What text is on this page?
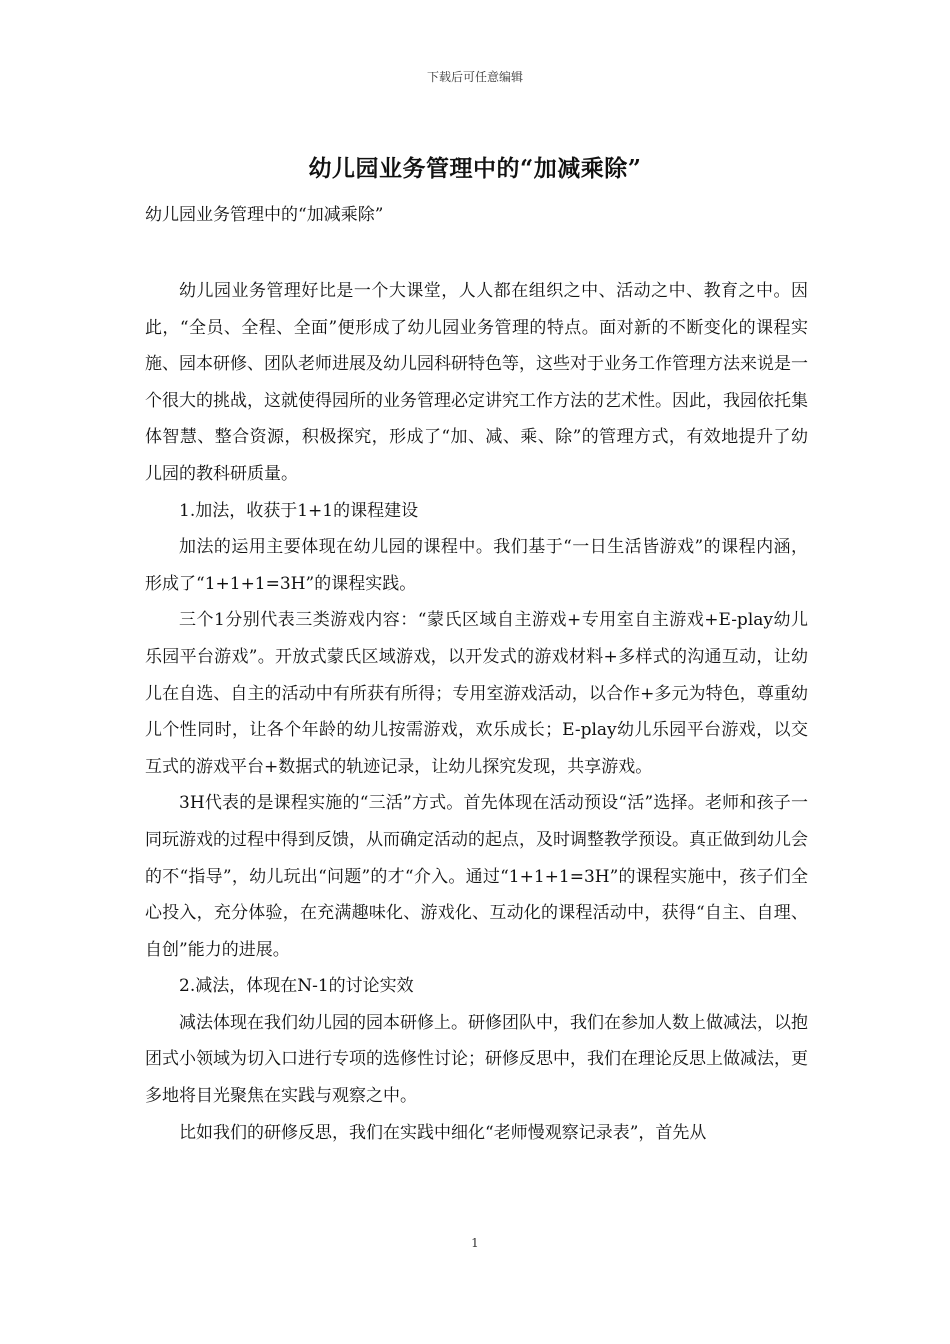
下载后可任意编辑
幼儿园业务管理中的“加减乘除”
幼儿园业务管理中的“加减乘除”

幼儿园业务管理好比是一个大课堂，人人都在组织之中、活动之中、教育之中。因此，“全员、全程、全面”便形成了幼儿园业务管理的特点。面对新的不断变化的课程实施、园本研修、团队老师进展及幼儿园科研特色等，这些对于业务工作管理方法来说是一个很大的挑战，这就使得园所的业务管理必定讲究工作方法的艺术性。因此，我园依托集体智慧、整合资源，积极探究，形成了“加、减、乘、除”的管理方式，有效地提升了幼儿园的教科研质量。

1.加法，收获于1+1的课程建设

加法的运用主要体现在幼儿园的课程中。我们基于“一日生活皆游戏”的课程内涵，形成了“1+1+1=3H”的课程实践。

三个1分别代表三类游戏内容：“蒙氏区域自主游戏+专用室自主游戏+E-play幼儿乐园平台游戏”。开放式蒙氏区域游戏，以开发式的游戏材料+多样式的沟通互动，让幼儿在自选、自主的活动中有所获有所得；专用室游戏活动，以合作+多元为特色，尊重幼儿个性同时，让各个年龄的幼儿按需游戏，欢乐成长；E-play幼儿乐园平台游戏，以交互式的游戏平台+数据式的轨迹记录，让幼儿探究发现，共享游戏。

3H代表的是课程实施的“三活”方式。首先体现在活动预设“活”选择。老师和孩子一同玩游戏的过程中得到反馈，从而确定活动的起点，及时调整教学预设。真正做到幼儿会的不“指导”，幼儿玩出“问题”的才“介入。通过“1+1+1=3H”的课程实施中，孩子们全心投入，充分体验，在充满趣味化、游戏化、互动化的课程活动中，获得“自主、自理、自创”能力的进展。

2.减法，体现在N-1的讨论实效

减法体现在我们幼儿园的园本研修上。研修团队中，我们在参加人数上做减法，以抱团式小领域为切入口进行专项的选修性讨论；研修反思中，我们在理论反思上做减法，更多地将目光聚焦在实践与观察之中。

比如我们的研修反思，我们在实践中细化“老师慢观察记录表”，首先从

1
